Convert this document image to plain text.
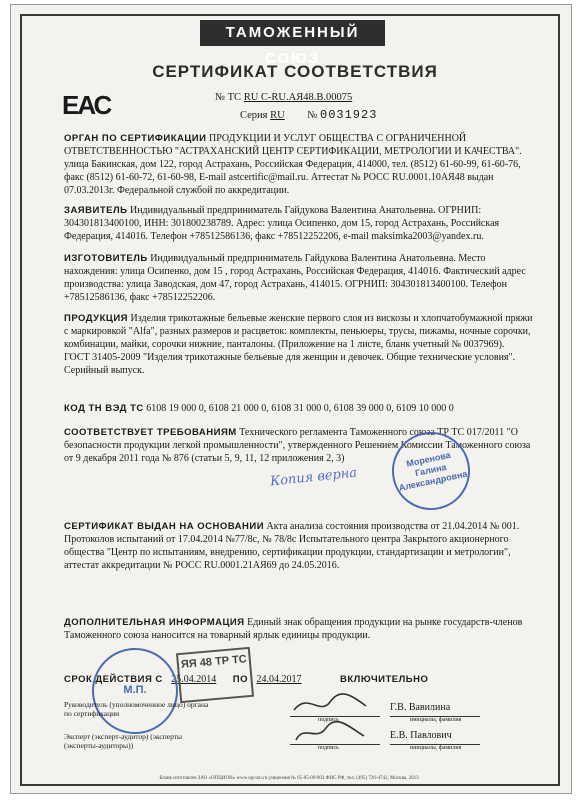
ТАМОЖЕННЫЙ СОЮЗ
СЕРТИФИКАТ СООТВЕТСТВИЯ
ЕАС	№ ТС RU С-RU.АЯ48.В.00075
Серия RU № 0031923
ОРГАН ПО СЕРТИФИКАЦИИ ПРОДУКЦИИ И УСЛУГ ОБЩЕСТВА С ОГРАНИЧЕННОЙ ОТВЕТСТВЕННОСТЬЮ "АСТРАХАНСКИЙ ЦЕНТР СЕРТИФИКАЦИИ, МЕТРОЛОГИИ И КАЧЕСТВА". улица Бакинская, дом 122, город Астрахань, Российская Федерация, 414000, тел. (8512) 61-60-99, 61-60-76, факс (8512) 61-60-72, 61-60-98, E-mail astcertific@mail.ru. Аттестат № РОСС RU.0001.10АЯ48 выдан 07.03.2013г. Федеральной службой по аккредитации.
ЗАЯВИТЕЛЬ Индивидуальный предприниматель Гайдукова Валентина Анатольевна. ОГРНИП: 304301813400100, ИНН: 301800238789. Адрес: улица Осипенко, дом 15, город Астрахань, Российская Федерация, 414016. Телефон +78512586136, факс +78512252206, e-mail maksimka2003@yandex.ru.
ИЗГОТОВИТЕЛЬ Индивидуальный предприниматель Гайдукова Валентина Анатольевна. Место нахождения: улица Осипенко, дом 15 , город Астрахань, Российская Федерация, 414016. Фактический адрес производства: улица Заводская, дом 47, город Астрахань, 414015. ОГРНИП: 304301813400100. Телефон +78512586136, факс +78512252206.
ПРОДУКЦИЯ Изделия трикотажные бельевые женские первого слоя из вискозы и хлопчатобумажной пряжи с маркировкой "Alfa", разных размеров и расцветок: комплекты, пеньюеры, трусы, пижамы, ночные сорочки, комбинации, майки, сорочки нижние, панталоны. (Приложение на 1 листе, бланк учетный № 0037969).
ГОСТ 31405-2009 "Изделия трикотажные бельевые для женщин и девочек. Общие технические условия". Серийный выпуск.
КОД ТН ВЭД ТС 6108 19 000 0, 6108 21 000 0, 6108 31 000 0, 6108 39 000 0, 6109 10 000 0
СООТВЕТСТВУЕТ ТРЕБОВАНИЯМ Технического регламента Таможенного союза ТР ТС 017/2011 "О безопасности продукции легкой промышленности", утвержденного Решением Комиссии Таможенного союза от 9 декабря 2011 года № 876 (статьи 5, 9, 11, 12 приложения 2, 3)
Копия верна
Моренова Галина Александровна
СЕРТИФИКАТ ВЫДАН НА ОСНОВАНИИ Акта анализа состояния производства от 21.04.2014 № 001. Протоколов испытаний от 17.04.2014 №77/8с, № 78/8с Испытательного центра Закрытого акционерного общества "Центр по испытаниям, внедрению, сертификации продукции, стандартизации и метрологии", аттестат аккредитации № РОСС RU.0001.21АЯ69 до 24.05.2016.
ДОПОЛНИТЕЛЬНАЯ ИНФОРМАЦИЯ Единый знак обращения продукции на рынке государств-членов Таможенного союза наносится на товарный ярлык единицы продукции.
СРОК ДЕЙСТВИЯ С 25.04.2014 ПО 24.04.2017	ВКЛЮЧИТЕЛЬНО
М.П.
ЯЯ 48 ТР ТС
Руководитель (уполномоченное лицо) органа по сертификации
Г.В. Вавилина
подпись	инициалы, фамилия
Эксперт (эксперт-аудитор) (эксперты (эксперты-аудиторы))
Е.В. Павлович
подпись	инициалы, фамилия
Бланк изготовлен ЗАО «ОПЦИОН» www.opcion.ru (лицензия № 05-05-09/003 ФНС РФ, тел. (495) 726-4742, Москва, 2013
